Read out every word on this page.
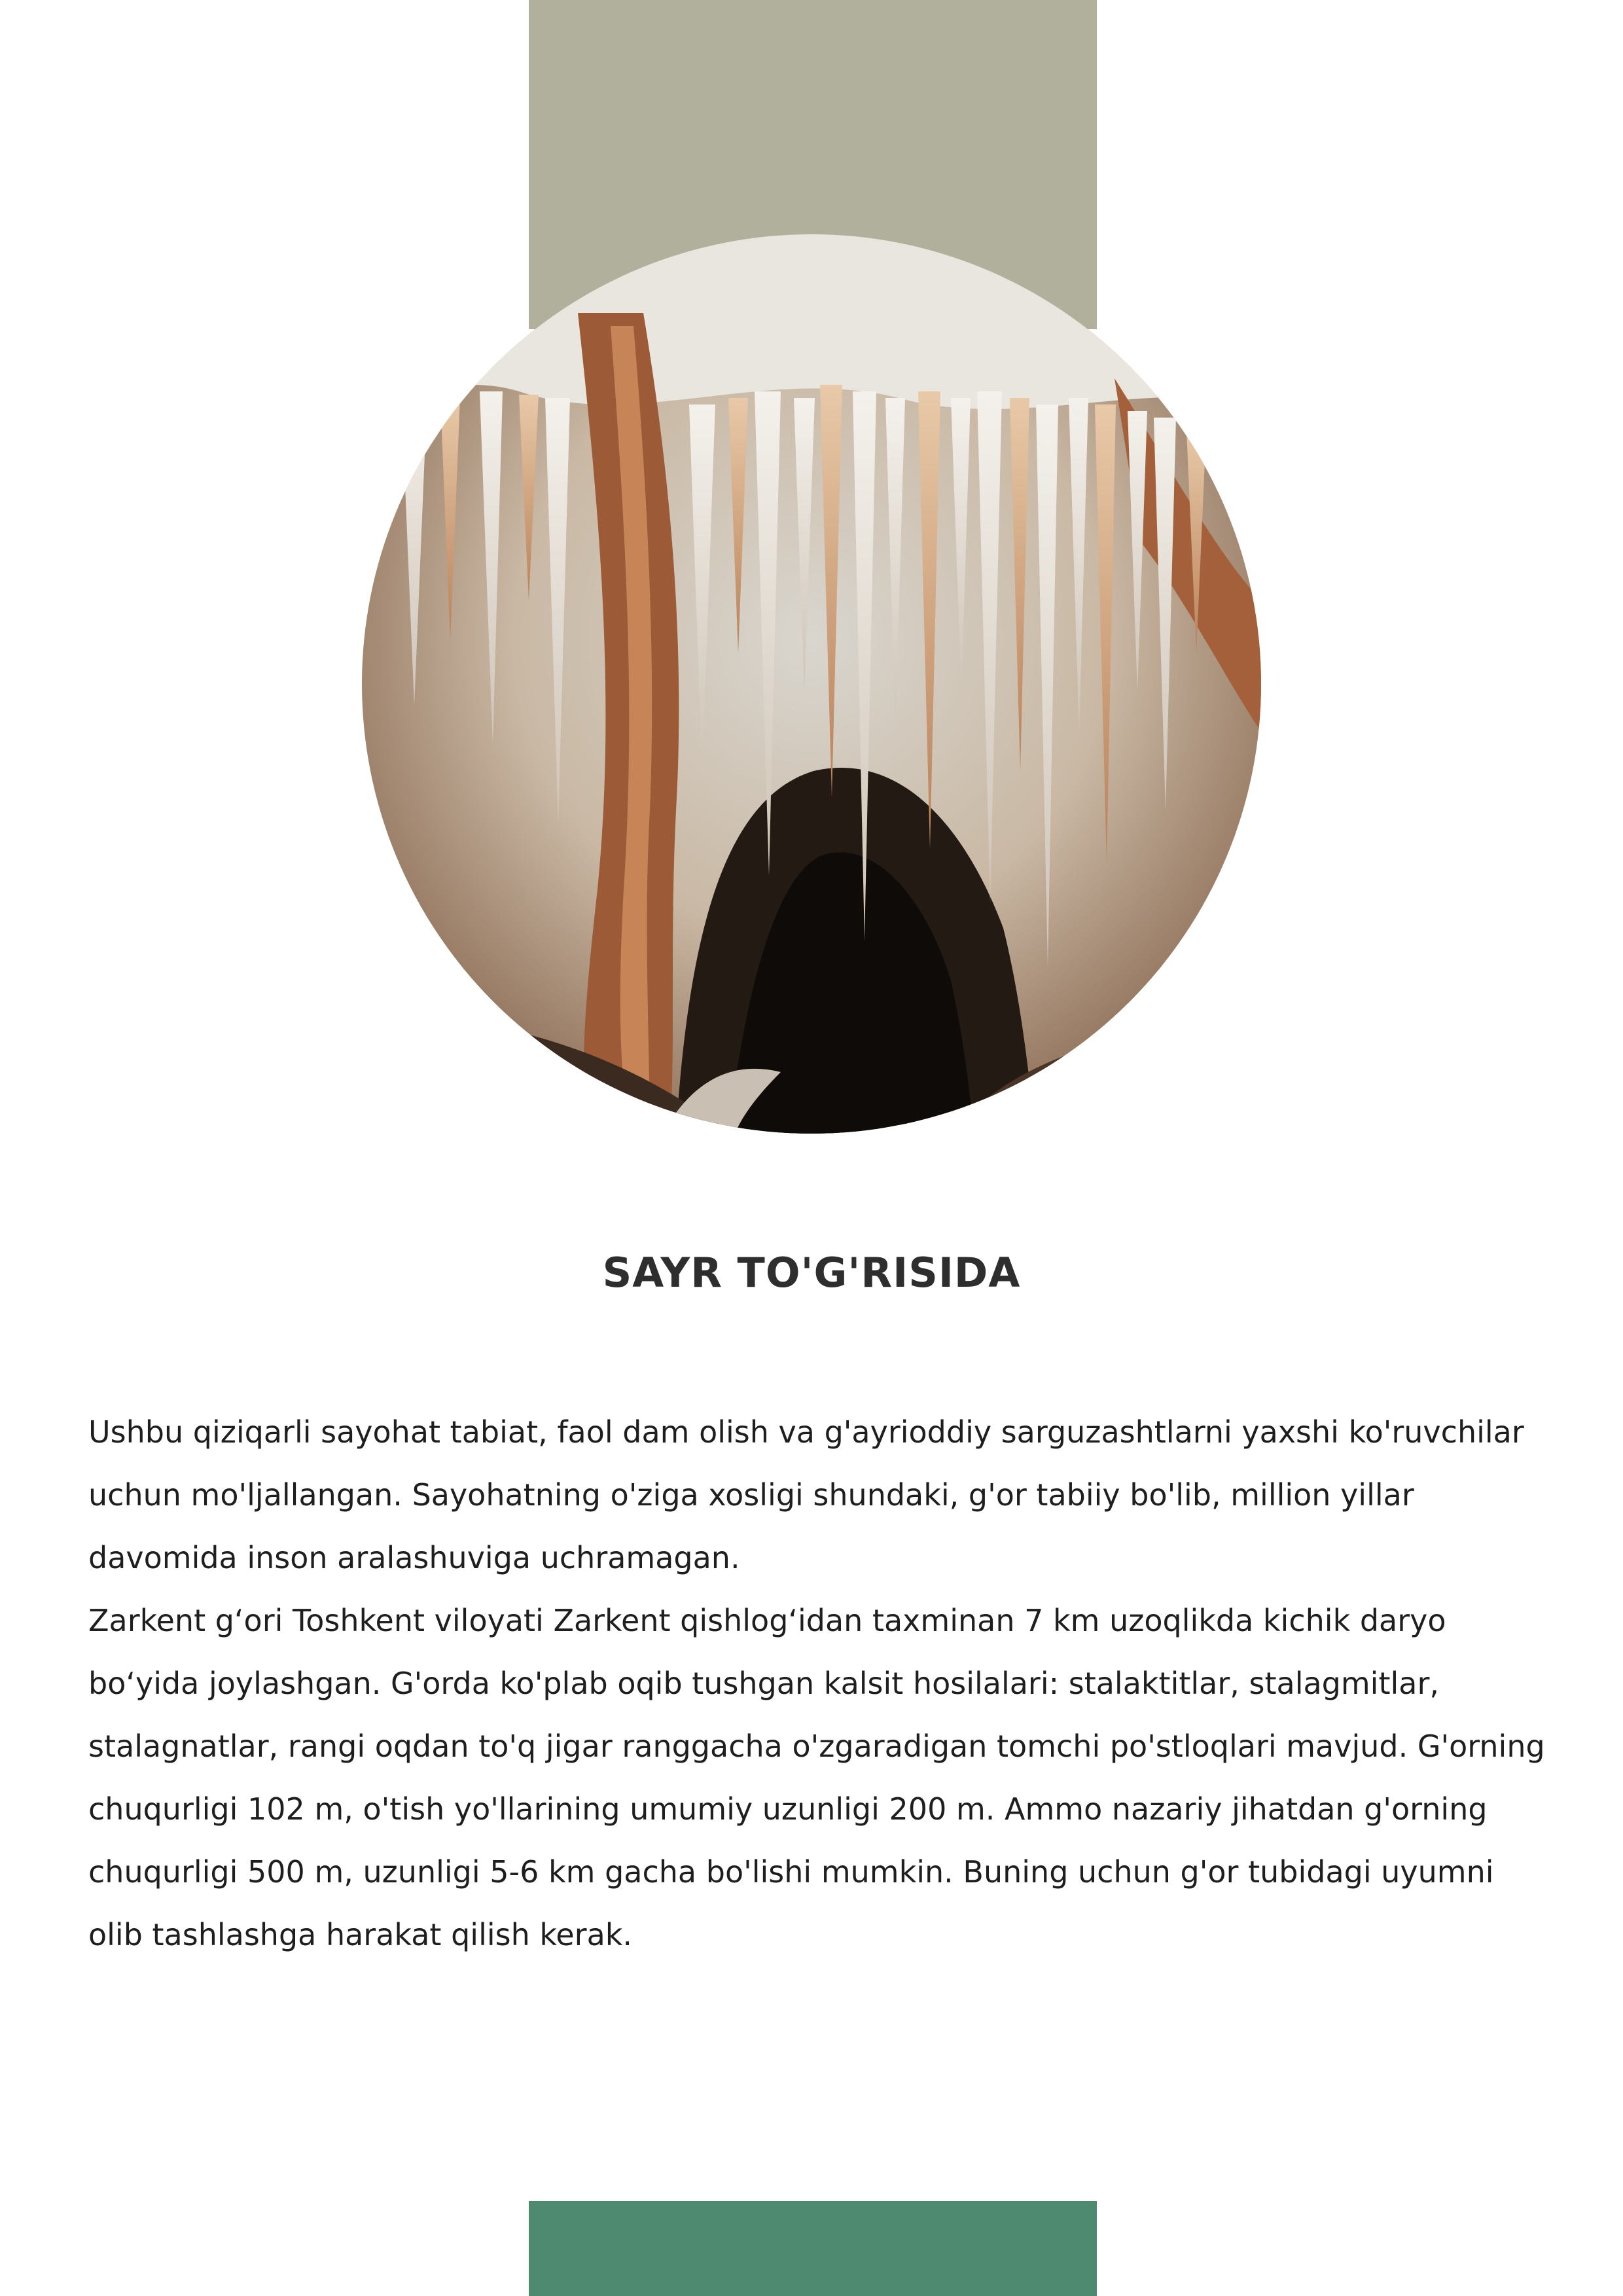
SAYR TO'G'RISIDA

Ushbu qiziqarli sayohat tabiat, faol dam olish va g'ayrioddiy sarguzashtlarni yaxshi ko'ruvchilar uchun mo'ljallangan. Sayohatning o'ziga xosligi shundaki, g'or tabiiy bo'lib, million yillar davomida inson aralashuviga uchramagan.

Zarkent gʻori Toshkent viloyati Zarkent qishlogʻidan taxminan 7 km uzoqlikda kichik daryo boʻyida joylashgan. G'orda ko'plab oqib tushgan kalsit hosilalari: stalaktitlar, stalagmitlar, stalagnatlar, rangi oqdan to'q jigar ranggacha o'zgaradigan tomchi po'stloqlari mavjud. G'orning chuqurligi 102 m, o'tish yo'llarining umumiy uzunligi 200 m. Ammo nazariy jihatdan g'orning chuqurligi 500 m, uzunligi 5-6 km gacha bo'lishi mumkin. Buning uchun g'or tubidagi uyumni olib tashlashga harakat qilish kerak.
